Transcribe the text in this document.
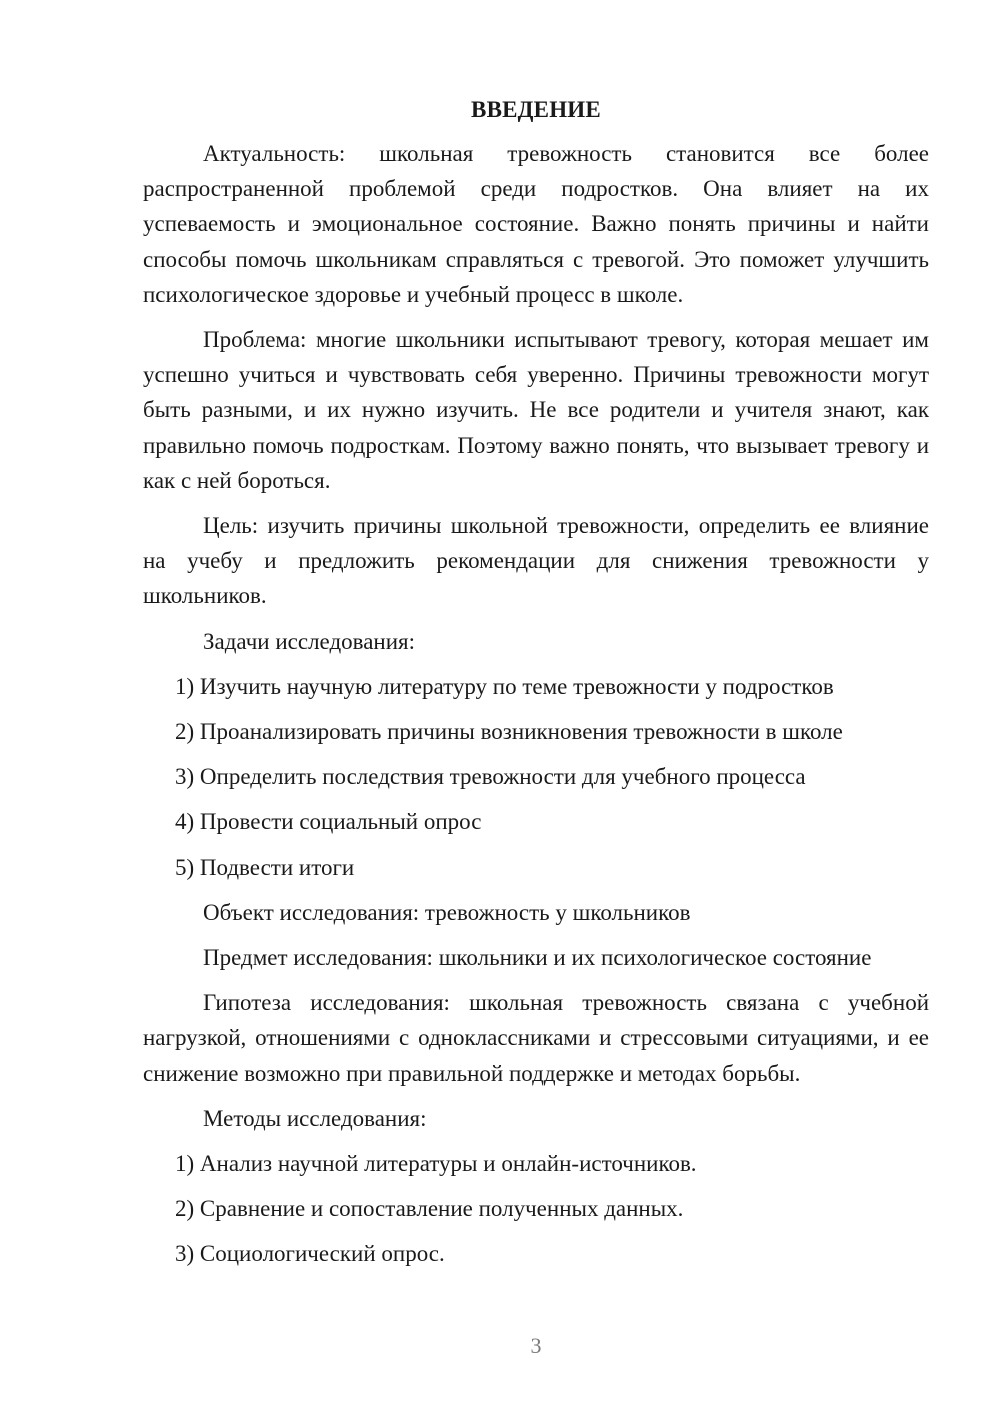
ВВЕДЕНИЕ

Актуальность: школьная тревожность становится все более распространенной проблемой среди подростков. Она влияет на их успеваемость и эмоциональное состояние. Важно понять причины и найти способы помочь школьникам справляться с тревогой. Это поможет улучшить психологическое здоровье и учебный процесс в школе.

Проблема: многие школьники испытывают тревогу, которая мешает им успешно учиться и чувствовать себя уверенно. Причины тревожности могут быть разными, и их нужно изучить. Не все родители и учителя знают, как правильно помочь подросткам. Поэтому важно понять, что вызывает тревогу и как с ней бороться.

Цель: изучить причины школьной тревожности, определить ее влияние на учебу и предложить рекомендации для снижения тревожности у школьников.

Задачи исследования:
1) Изучить научную литературу по теме тревожности у подростков
2) Проанализировать причины возникновения тревожности в школе
3) Определить последствия тревожности для учебного процесса
4) Провести социальный опрос
5) Подвести итоги
Объект исследования: тревожность у школьников
Предмет исследования: школьники и их психологическое состояние

Гипотеза исследования: школьная тревожность связана с учебной нагрузкой, отношениями с одноклассниками и стрессовыми ситуациями, и ее снижение возможно при правильной поддержке и методах борьбы.

Методы исследования:
1) Анализ научной литературы и онлайн-источников.
2) Сравнение и сопоставление полученных данных.
3) Социологический опрос.
3
